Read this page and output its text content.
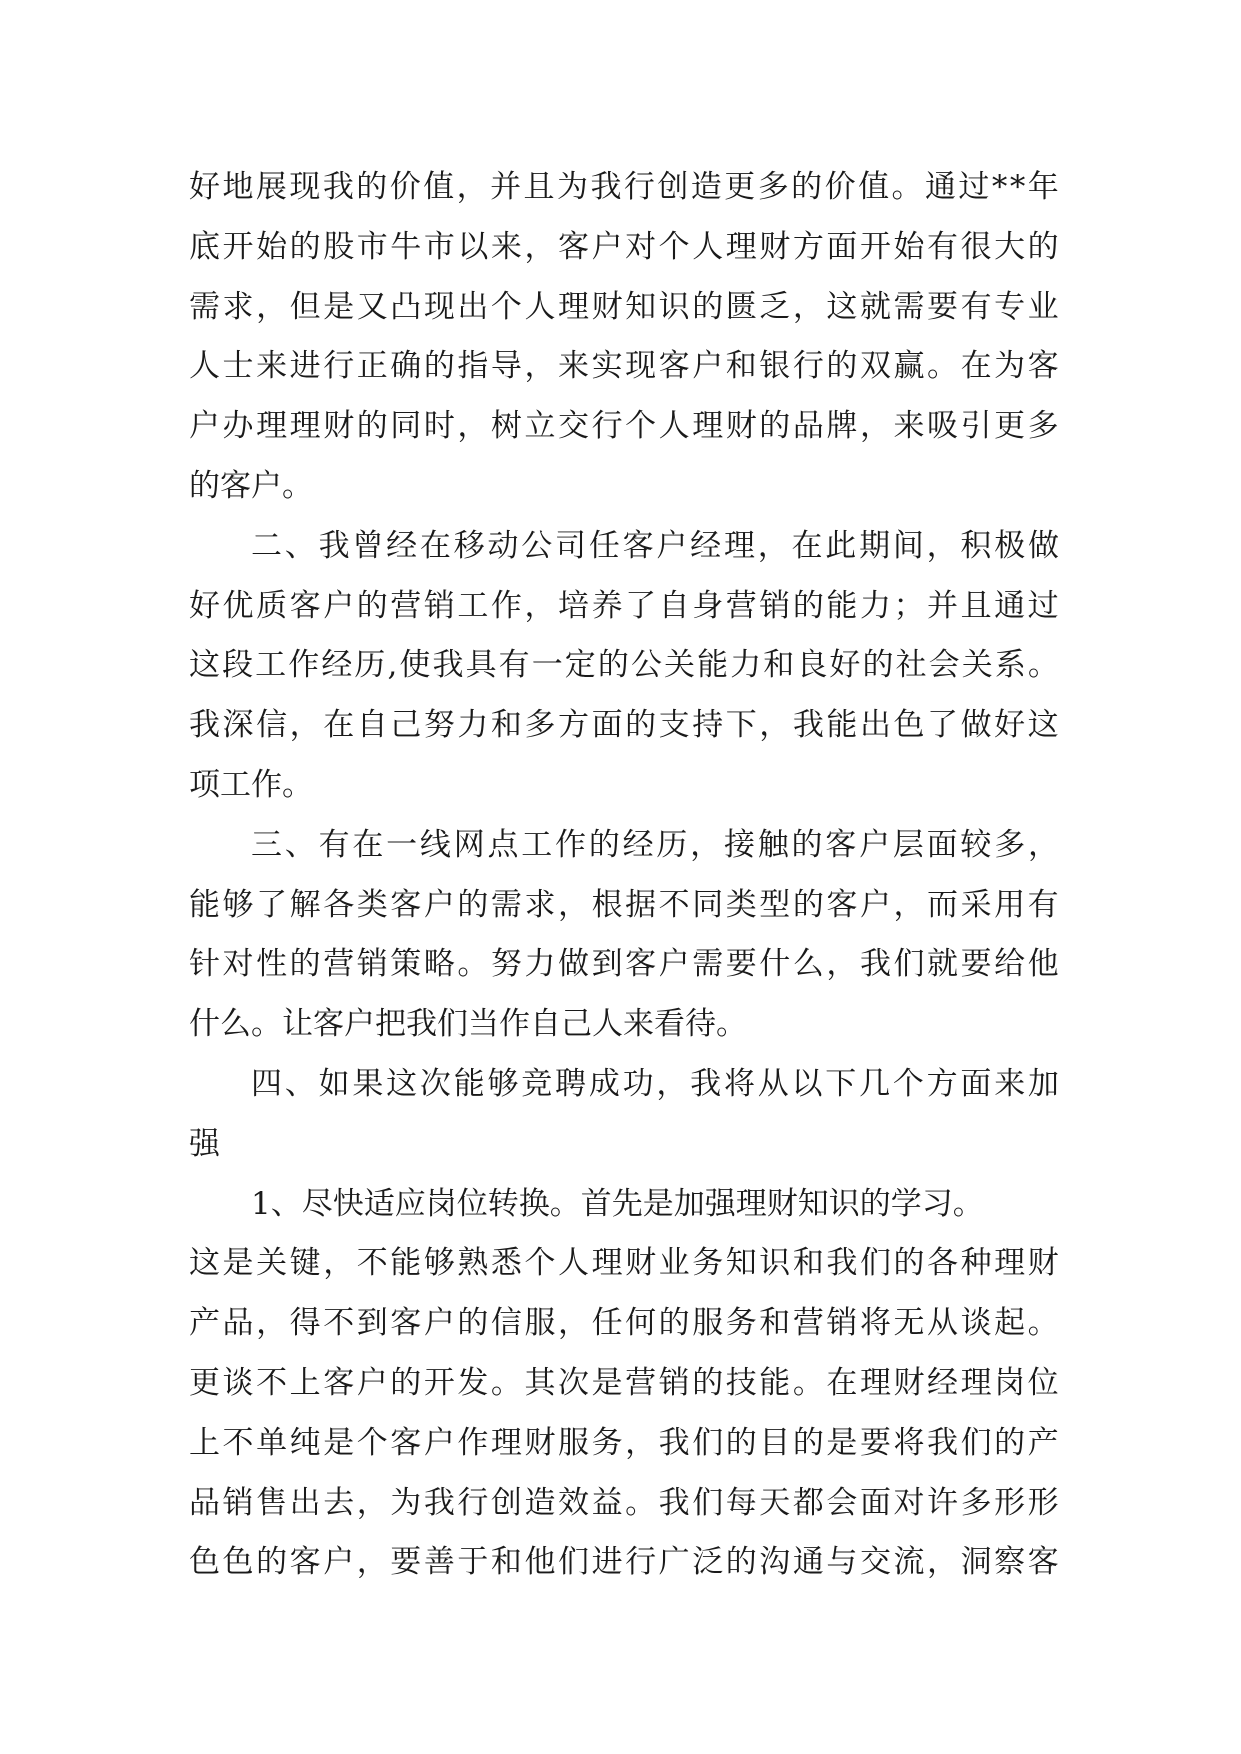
好 地 展 现 我 的 价 值 ， 并 且 为 我 行 创 造 更 多 的 价 值 。 通 过 * * 年
底 开 始 的 股 市 牛 市 以 来 ， 客 户 对 个 人 理 财 方 面 开 始 有 很 大 的
需 求 ， 但 是 又 凸 现 出 个 人 理 财 知 识 的 匮 乏 ， 这 就 需 要 有 专 业
人 士 来 进 行 正 确 的 指 导 ， 来 实 现 客 户 和 银 行 的 双 赢 。 在 为 客
户 办 理 理 财 的 同 时 ， 树 立 交 行 个 人 理 财 的 品 牌 ， 来 吸 引 更 多
的客户。
二 、 我 曾 经 在 移 动 公 司 任 客 户 经 理 ， 在 此 期 间 ， 积 极 做
好 优 质 客 户 的 营 销 工 作 ， 培 养 了 自 身 营 销 的 能 力 ； 并 且 通 过
这 段 工 作 经 历 , 使 我 具 有 一 定 的 公 关 能 力 和 良 好 的 社 会 关 系 。
我 深 信 ， 在 自 己 努 力 和 多 方 面 的 支 持 下 ， 我 能 出 色 了 做 好 这
项工作。
三 、 有 在 一 线 网 点 工 作 的 经 历 ， 接 触 的 客 户 层 面 较 多 ，
能 够 了 解 各 类 客 户 的 需 求 ， 根 据 不 同 类 型 的 客 户 ， 而 采 用 有
针 对 性 的 营 销 策 略 。 努 力 做 到 客 户 需 要 什 么 ， 我 们 就 要 给 他
什么。让客户把我们当作自己人来看待。
四 、 如 果 这 次 能 够 竞 聘 成 功 ， 我 将 从 以 下 几 个 方 面 来 加
强
1、尽快适应岗位转换。首先是加强理财知识的学习。
这 是 关 键 ， 不 能 够 熟 悉 个 人 理 财 业 务 知 识 和 我 们 的 各 种 理 财
产 品 ， 得 不 到 客 户 的 信 服 ， 任 何 的 服 务 和 营 销 将 无 从 谈 起 。
更 谈 不 上 客 户 的 开 发 。 其 次 是 营 销 的 技 能 。 在 理 财 经 理 岗 位
上 不 单 纯 是 个 客 户 作 理 财 服 务 ， 我 们 的 目 的 是 要 将 我 们 的 产
品 销 售 出 去 ， 为 我 行 创 造 效 益 。 我 们 每 天 都 会 面 对 许 多 形 形
色 色 的 客 户 ， 要 善 于 和 他 们 进 行 广 泛 的 沟 通 与 交 流 ， 洞 察 客
